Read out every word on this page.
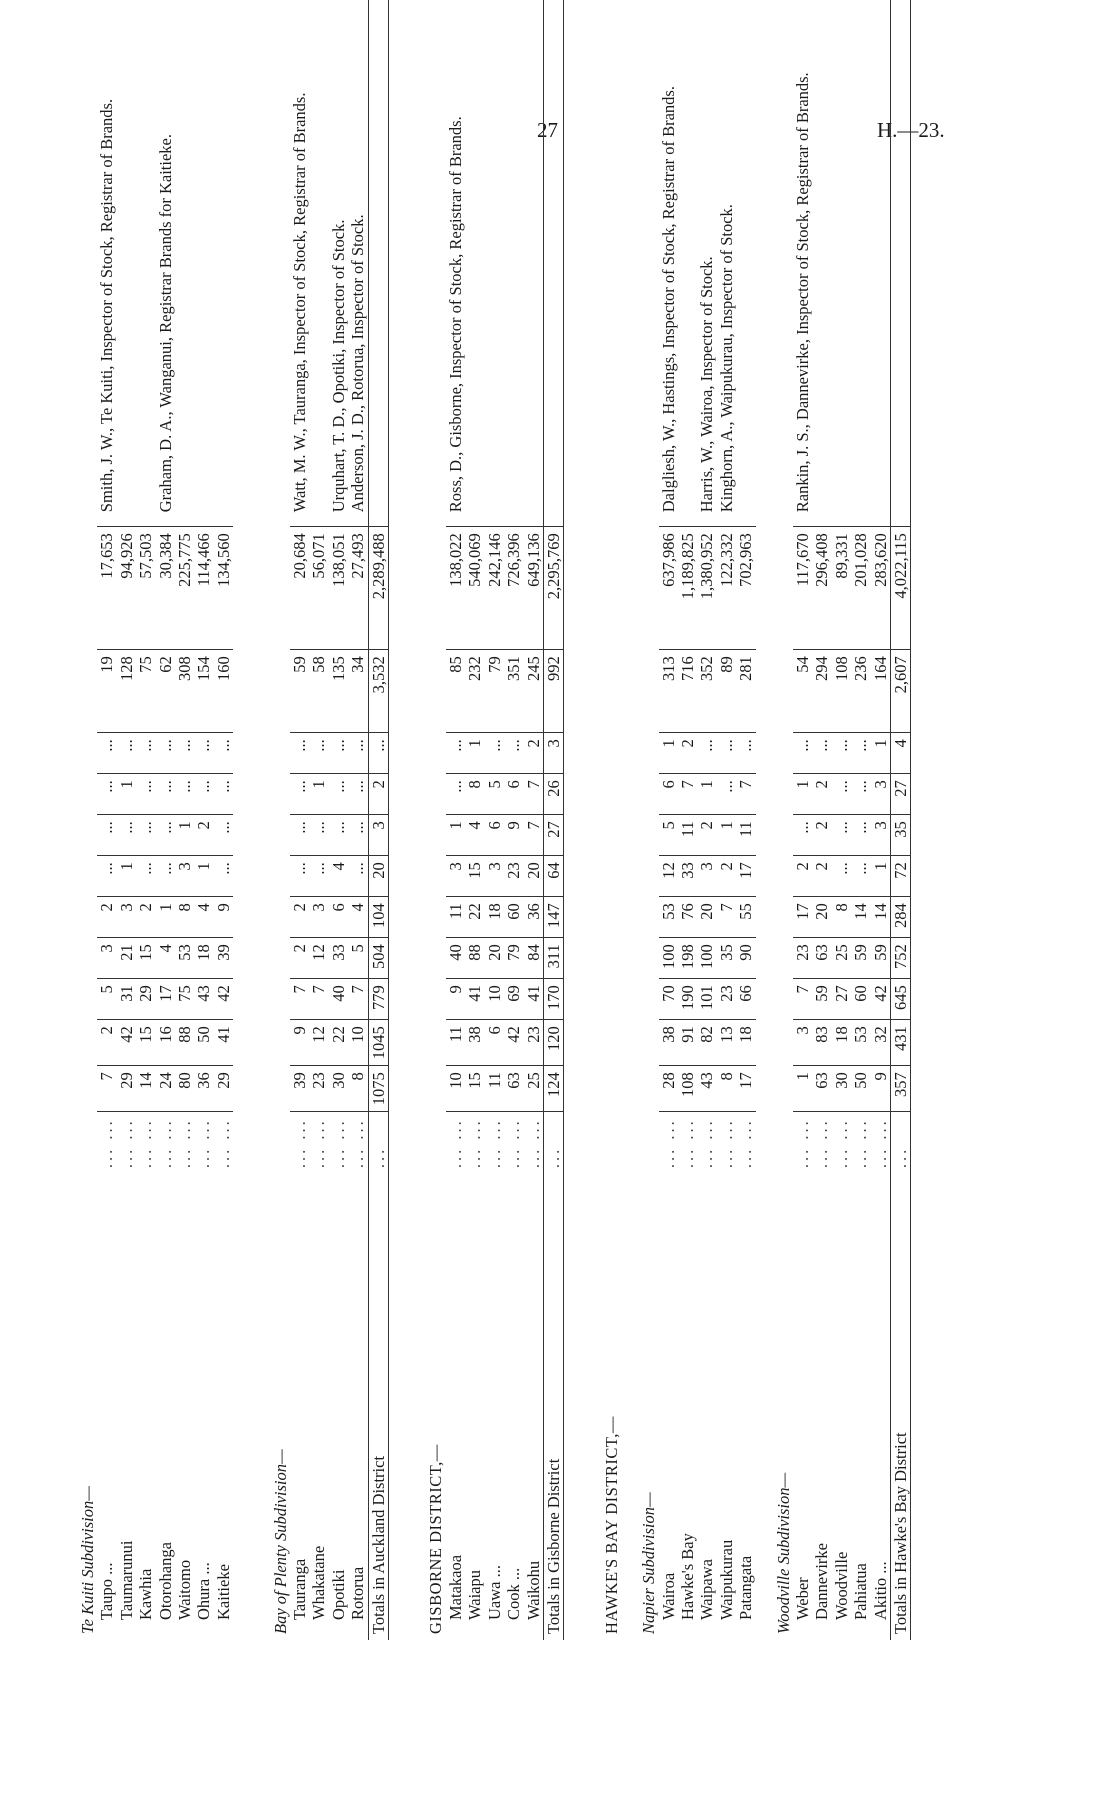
27	H.—23.
Te Kuiti Subdivision—													
Taupo ...	... ...	7	2	5	3	2	...	...	...	...	19	17,653	Smith, J. W., Te Kuiti, Inspector of Stock, Registrar of Brands.
Taumarunui	... ...	29	42	31	21	3	1	...	1	...	128	94,926	
Kawhia	... ...	14	15	29	15	2	...	...	...	...	75	57,503	
Otorohanga	... ...	24	16	17	4	1	...	...	...	...	62	30,384	Graham, D. A., Wanganui, Registrar Brands for Kaitieke.
Waitomo	... ...	80	88	75	53	8	3	1	...	...	308	225,775	
Ohura ...	... ...	36	50	43	18	4	1	2	...	...	154	114,466	
Kaitieke	... ...	29	41	42	39	9	...	...	...	...	160	134,560	

Bay of Plenty Subdivision—													
Tauranga	... ...	39	9	7	2	2	...	...	...	...	59	20,684	Watt, M. W., Tauranga, Inspector of Stock, Registrar of Brands.
Whakatane	... ...	23	12	7	12	3	...	...	1	...	58	56,071	
Opotiki	... ...	30	22	40	33	6	4	...	...	...	135	138,051	Urquhart, T. D., Opotiki, Inspector of Stock.
Rotorua	... ...	8	10	7	5	4	...	...	...	...	34	27,493	Anderson, J. D., Rotorua, Inspector of Stock.
Totals in Auckland District	...	1075	1045	779	504	104	20	3	2	...	3,532	2,289,488	

GISBORNE DISTRICT,—													
Matakaoa	... ...	10	11	9	40	11	3	1	...	...	85	138,022	Ross, D., Gisborne, Inspector of Stock, Registrar of Brands.
Waiapu	... ...	15	38	41	88	22	15	4	8	1	232	540,069	
Uawa ...	... ...	11	6	10	20	18	3	6	5	...	79	242,146	
Cook ...	... ...	63	42	69	79	60	23	9	6	...	351	726,396	
Waikohu	... ...	25	23	41	84	36	20	7	7	2	245	649,136	
Totals in Gisborne District	...	124	120	170	311	147	64	27	26	3	992	2,295,769	

HAWKE'S BAY DISTRICT,—													
Napier Subdivision—													
Wairoa	... ...	28	38	70	100	53	12	5	6	1	313	637,986	Dalgliesh, W., Hastings, Inspector of Stock, Registrar of Brands.
Hawke's Bay	... ...	108	91	190	198	76	33	11	7	2	716	1,189,825	
Waipawa	... ...	43	82	101	100	20	3	2	1	...	352	1,380,952	Harris, W., Wairoa, Inspector of Stock.
Waipukurau	... ...	8	13	23	35	7	2	1	...	...	89	122,332	Kinghorn, A., Waipukurau, Inspector of Stock.
Patangata	... ...	17	18	66	90	55	17	11	7	...	281	702,963	
Woodville Subdivision—													
Weber	... ...	1	3	7	23	17	2	...	1	...	54	117,670	Rankin, J. S., Dannevirke, Inspector of Stock, Registrar of Brands.
Dannevirke	... ...	63	83	59	63	20	2	2	2	...	294	296,408	
Woodville	... ...	30	18	27	25	8	...	...	...	...	108	89,331	
Pahiatua	... ...	50	53	60	59	14	...	...	...	...	236	201,028	
Akitio ...	... ...	9	32	42	59	14	1	3	3	1	164	283,620	
Totals in Hawke's Bay District	...	357	431	645	752	284	72	35	27	4	2,607	4,022,115	
